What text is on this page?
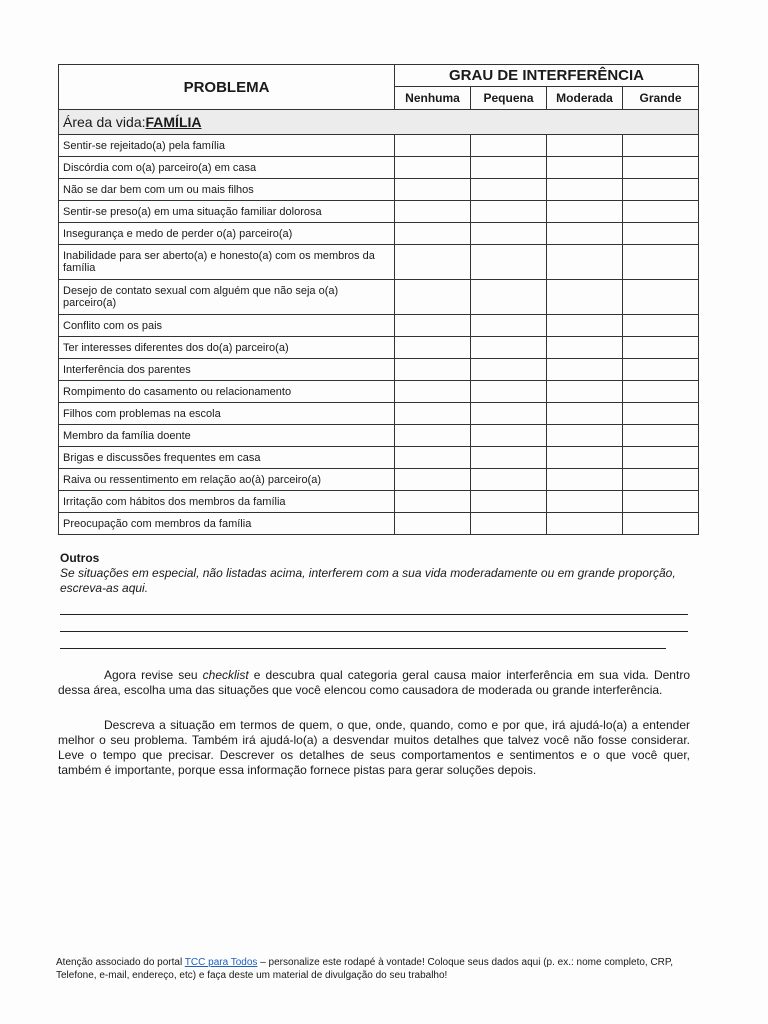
PROBLEMA	GRAU DE INTERFERÊNCIA			
	Nenhuma	Pequena	Moderada	Grande
Área da vida:FAMÍLIA				
Sentir-se rejeitado(a) pela família				
Discórdia com o(a) parceiro(a) em casa				
Não se dar bem com um ou mais filhos				
Sentir-se preso(a) em uma situação familiar dolorosa				
Insegurança e medo de perder o(a) parceiro(a)				
Inabilidade para ser aberto(a) e honesto(a) com os membros da família				
Desejo de contato sexual com alguém que não seja o(a) parceiro(a)				
Conflito com os pais				
Ter interesses diferentes dos do(a) parceiro(a)				
Interferência dos parentes				
Rompimento do casamento ou relacionamento				
Filhos com problemas na escola				
Membro da família doente				
Brigas e discussões frequentes em casa				
Raiva ou ressentimento em relação ao(à) parceiro(a)				
Irritação com hábitos dos membros da família				
Preocupação com membros da família				
Outros
Se situações em especial, não listadas acima, interferem com a sua vida moderadamente ou em grande proporção, escreva-as aqui.
Agora revise seu checklist e descubra qual categoria geral causa maior interferência em sua vida. Dentro dessa área, escolha uma das situações que você elencou como causadora de moderada ou grande interferência.
Descreva a situação em termos de quem, o que, onde, quando, como e por que, irá ajudá-lo(a) a entender melhor o seu problema. Também irá ajudá-lo(a) a desvendar muitos detalhes que talvez você não fosse considerar. Leve o tempo que precisar. Descrever os detalhes de seus comportamentos e sentimentos e o que você quer, também é importante, porque essa informação fornece pistas para gerar soluções depois.
Atenção associado do portal TCC para Todos – personalize este rodapé à vontade! Coloque seus dados aqui (p. ex.: nome completo, CRP, Telefone, e-mail, endereço, etc) e faça deste um material de divulgação do seu trabalho!
